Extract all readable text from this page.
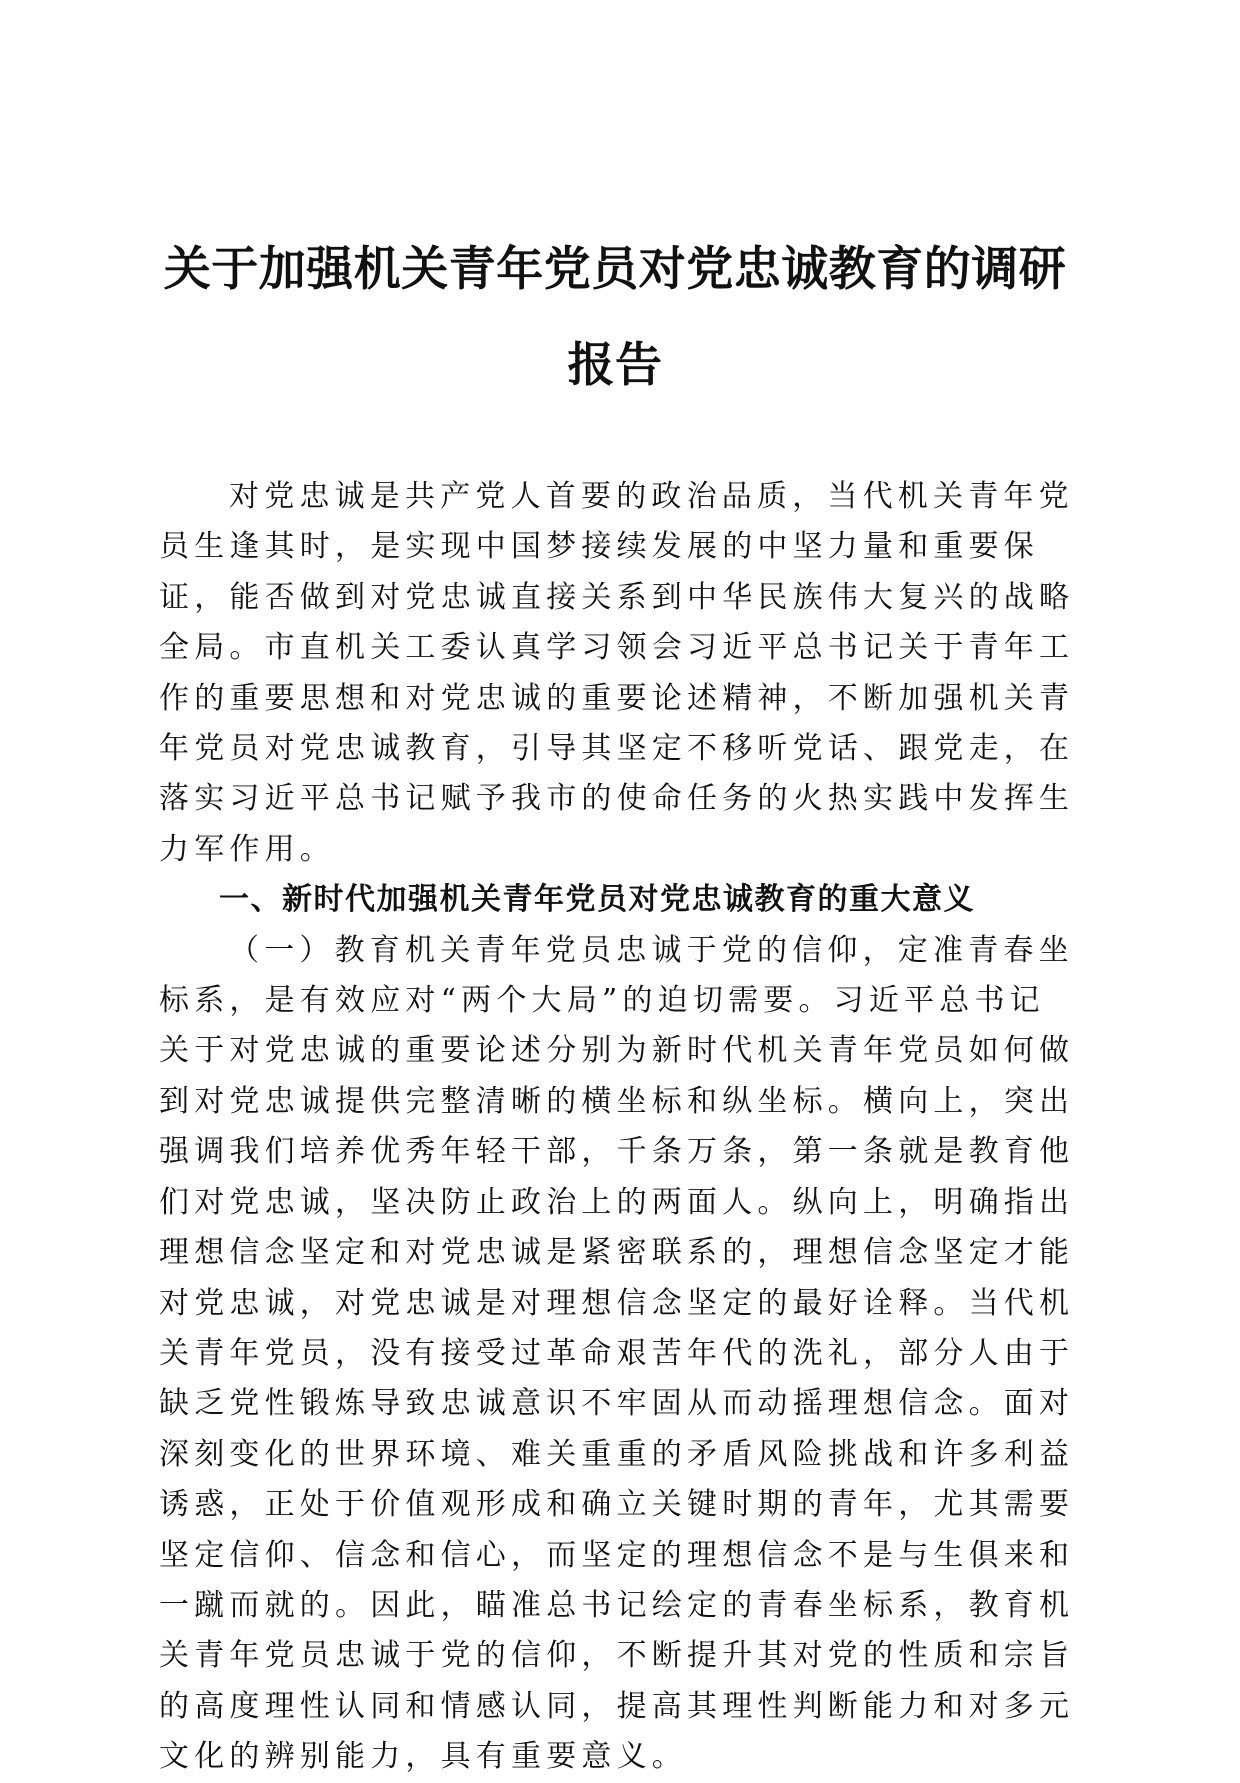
关于加强机关青年党员对党忠诚教育的调研报告

对党忠诚是共产党人首要的政治品质，当代机关青年党员生逢其时，是实现中国梦接续发展的中坚力量和重要保证，能否做到对党忠诚直接关系到中华民族伟大复兴的战略全局。市直机关工委认真学习领会习近平总书记关于青年工作的重要思想和对党忠诚的重要论述精神，不断加强机关青年党员对党忠诚教育，引导其坚定不移听党话、跟党走，在落实习近平总书记赋予我市的使命任务的火热实践中发挥生力军作用。

一、新时代加强机关青年党员对党忠诚教育的重大意义

（一）教育机关青年党员忠诚于党的信仰，定准青春坐标系，是有效应对“两个大局”的迫切需要。习近平总书记关于对党忠诚的重要论述分别为新时代机关青年党员如何做到对党忠诚提供完整清晰的横坐标和纵坐标。横向上，突出强调我们培养优秀年轻干部，千条万条，第一条就是教育他们对党忠诚，坚决防止政治上的两面人。纵向上，明确指出理想信念坚定和对党忠诚是紧密联系的，理想信念坚定才能对党忠诚，对党忠诚是对理想信念坚定的最好诠释。当代机关青年党员，没有接受过革命艰苦年代的洗礼，部分人由于缺乏党性锻炼导致忠诚意识不牢固从而动摇理想信念。面对深刻变化的世界环境、难关重重的矛盾风险挑战和许多利益诱惑，正处于价值观形成和确立关键时期的青年，尤其需要坚定信仰、信念和信心，而坚定的理想信念不是与生俱来和一蹴而就的。因此，瞄准总书记绘定的青春坐标系，教育机关青年党员忠诚于党的信仰，不断提升其对党的性质和宗旨的高度理性认同和情感认同，提高其理性判断能力和对多元文化的辨别能力，具有重要意义。
